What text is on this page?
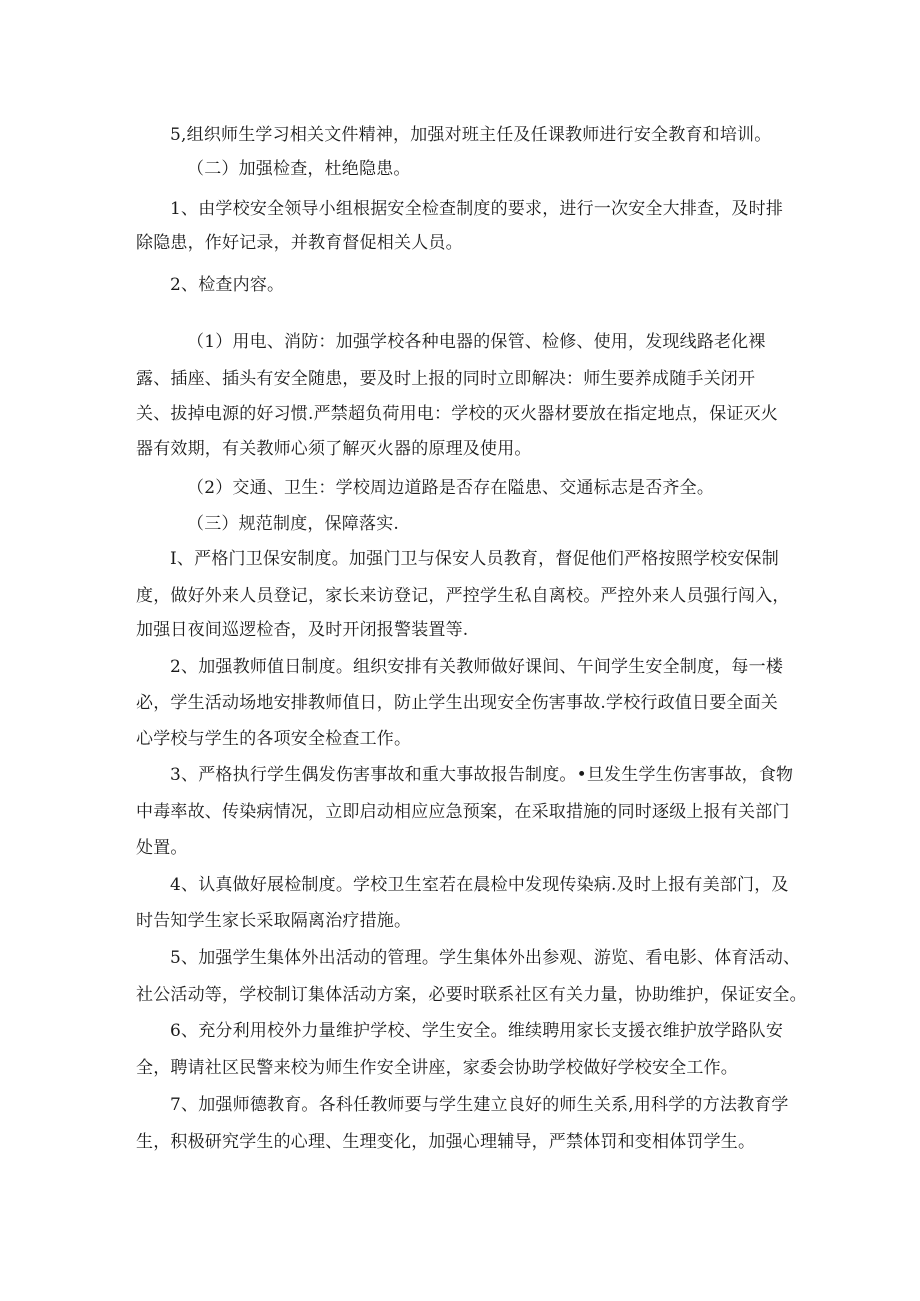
5,组织师生学习相关文件精神，加强对班主任及任课教师进行安全教育和培训。
（二）加强检查，杜绝隐患。
1、由学校安全领导小组根据安全检查制度的要求，进行一次安全大排查，及时排
除隐患，作好记录，并教育督促相关人员。
2、检查内容。
（1）用电、消防：加强学校各种电器的保管、检修、使用，发现线路老化裸
露、插座、插头有安全随患，要及时上报的同时立即解决：师生要养成随手关闭开
关、拔掉电源的好习惯.严禁超负荷用电：学校的灭火器材要放在指定地点，保证灭火
器有效期，有关教师心须了解灭火器的原理及使用。
（2）交通、卫生：学校周边道路是否存在隘患、交通标志是否齐全。
（三）规范制度，保障落实.
I、严格门卫保安制度。加强门卫与保安人员教育，督促他们严格按照学校安保制
度，做好外来人员登记，家长来访登记，严控学生私自离校。严控外来人员强行闯入，
加强日夜间巡逻检杳，及时开闭报警装置等.
2、加强教师值日制度。组织安排有关教师做好课间、午间学生安全制度，每一楼
必，学生活动场地安排教师值日，防止学生出现安全伤害事故.学校行政值日要全面关
心学校与学生的各项安全检查工作。
3、严格执行学生偶发伤害事故和重大事故报告制度。•旦发生学生伤害事故，食物
中毒率故、传染病情况，立即启动相应应急预案，在采取措施的同时逐级上报有关部门
处置。
4、认真做好展检制度。学校卫生室若在晨检中发现传染病.及时上报有美部门，及
时告知学生家长采取隔离治疗措施。
5、加强学生集体外出活动的管理。学生集体外出参观、游览、看电影、体育活动、
社公活动等，学校制订集体活动方案，必要时联系社区有关力量，协助维护，保证安全。
6、充分利用校外力量维护学校、学生安全。维续聘用家长支援衣维护放学路队安
全，聘请社区民警来校为师生作安全讲座，家委会协助学校做好学校安全工作。
7、加强师德教育。各科任教师要与学生建立良好的师生关系,用科学的方法教育学
生，积极研究学生的心理、生理变化，加强心理辅导，严禁体罚和变相体罚学生。
